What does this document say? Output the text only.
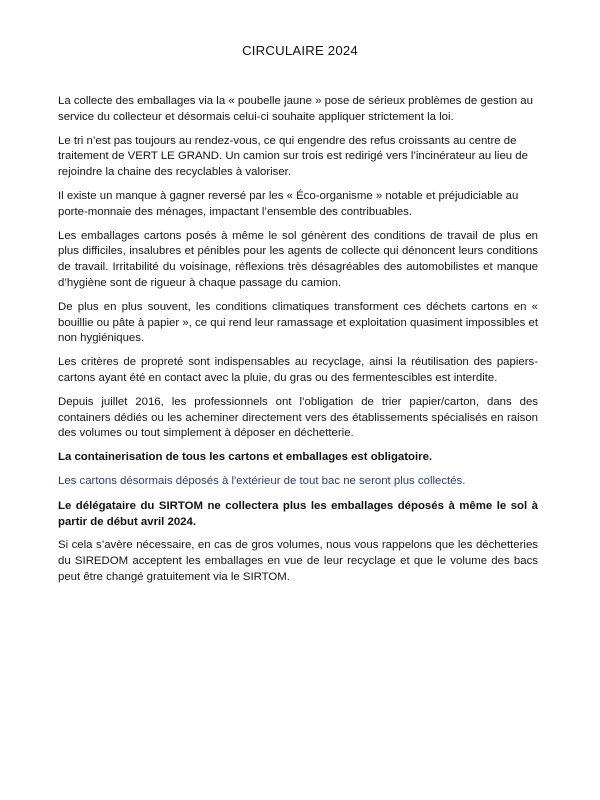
CIRCULAIRE 2024

La collecte des emballages via la « poubelle jaune » pose de sérieux problèmes de gestion au service du collecteur et désormais celui-ci souhaite appliquer strictement la loi.

Le tri n’est pas toujours au rendez-vous, ce qui engendre des refus croissants au centre de traitement de VERT LE GRAND. Un camion sur trois est redirigé vers l’incinérateur au lieu de rejoindre la chaine des recyclables à valoriser.

Il existe un manque à gagner reversé par les « Éco-organisme » notable et préjudiciable au porte-monnaie des ménages, impactant l’ensemble des contribuables.

Les emballages cartons posés à même le sol génèrent des conditions de travail de plus en plus difficiles, insalubres et pénibles pour les agents de collecte qui dénoncent leurs conditions de travail. Irritabilité du voisinage, réflexions très désagréables des automobilistes et manque d’hygiène sont de rigueur à chaque passage du camion.

De plus en plus souvent, les conditions climatiques transforment ces déchets cartons en « bouillie ou pâte à papier », ce qui rend leur ramassage et exploitation quasiment impossibles et non hygiéniques.

Les critères de propreté sont indispensables au recyclage, ainsi la réutilisation des papiers-cartons ayant été en contact avec la pluie, du gras ou des fermentescibles est interdite.

Depuis juillet 2016, les professionnels ont l’obligation de trier papier/carton, dans des containers dédiés ou les acheminer directement vers des établissements spécialisés en raison des volumes ou tout simplement à déposer en déchetterie.

La containerisation de tous les cartons et emballages est obligatoire.

Les cartons désormais déposés à l'extérieur de tout bac ne seront plus collectés.

Le délégataire du SIRTOM ne collectera plus les emballages déposés à même le sol à partir de début avril 2024.

Si cela s’avère nécessaire, en cas de gros volumes, nous vous rappelons que les déchetteries du SIREDOM acceptent les emballages en vue de leur recyclage et que le volume des bacs peut être changé gratuitement via le SIRTOM.
